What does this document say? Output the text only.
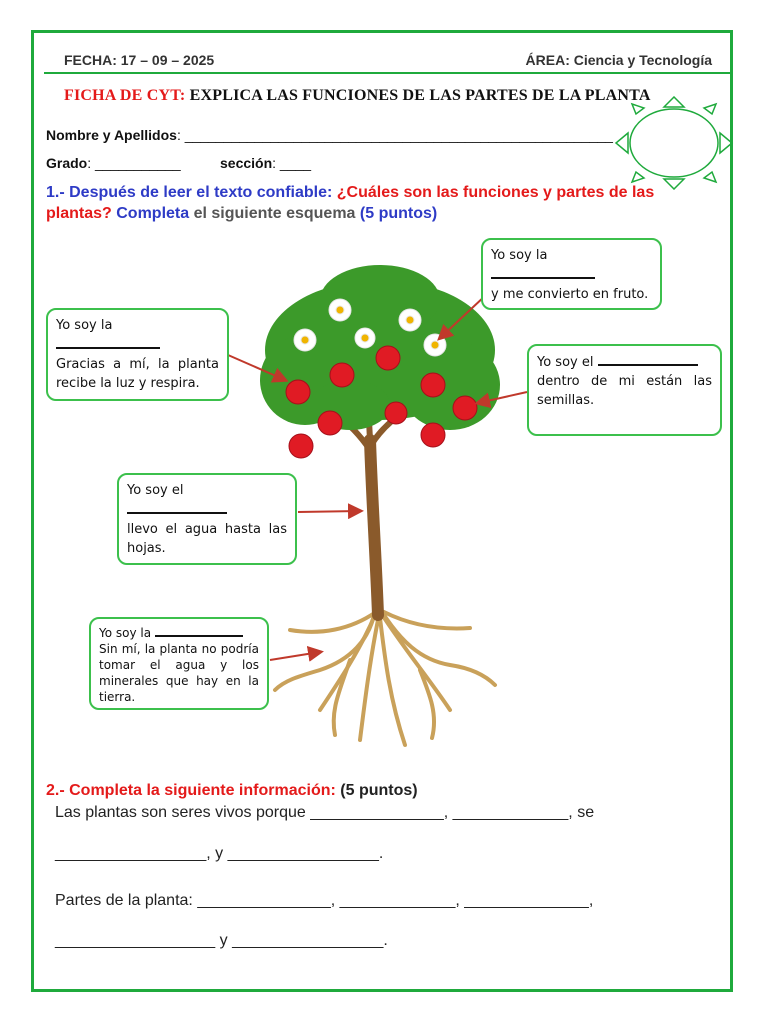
FECHA: 17 – 09 – 2025	ÁREA: Ciencia y Tecnología
FICHA DE CYT: EXPLICA LAS FUNCIONES DE LAS PARTES DE LA PLANTA
Nombre y Apellidos: _______________________________________________________
Grado: ___________	sección: ____
1.- Después de leer el texto confiable: ¿Cuáles son las funciones y partes de las plantas? Completa el siguiente esquema (5 puntos)
Yo soy la
y me convierto en fruto.
Yo soy la
Gracias a mí, la planta recibe la luz y respira.
Yo soy el
dentro de mi están las semillas.
Yo soy el
llevo el agua hasta las hojas.
Yo soy la
Sin mí, la planta no podría tomar el agua y los minerales que hay en la tierra.
2.- Completa la siguiente información: (5 puntos)
Las plantas son seres vivos porque _______________, _____________, se
_________________, y _________________.
Partes de la planta: _______________, _____________, ______________,
__________________ y _________________.
